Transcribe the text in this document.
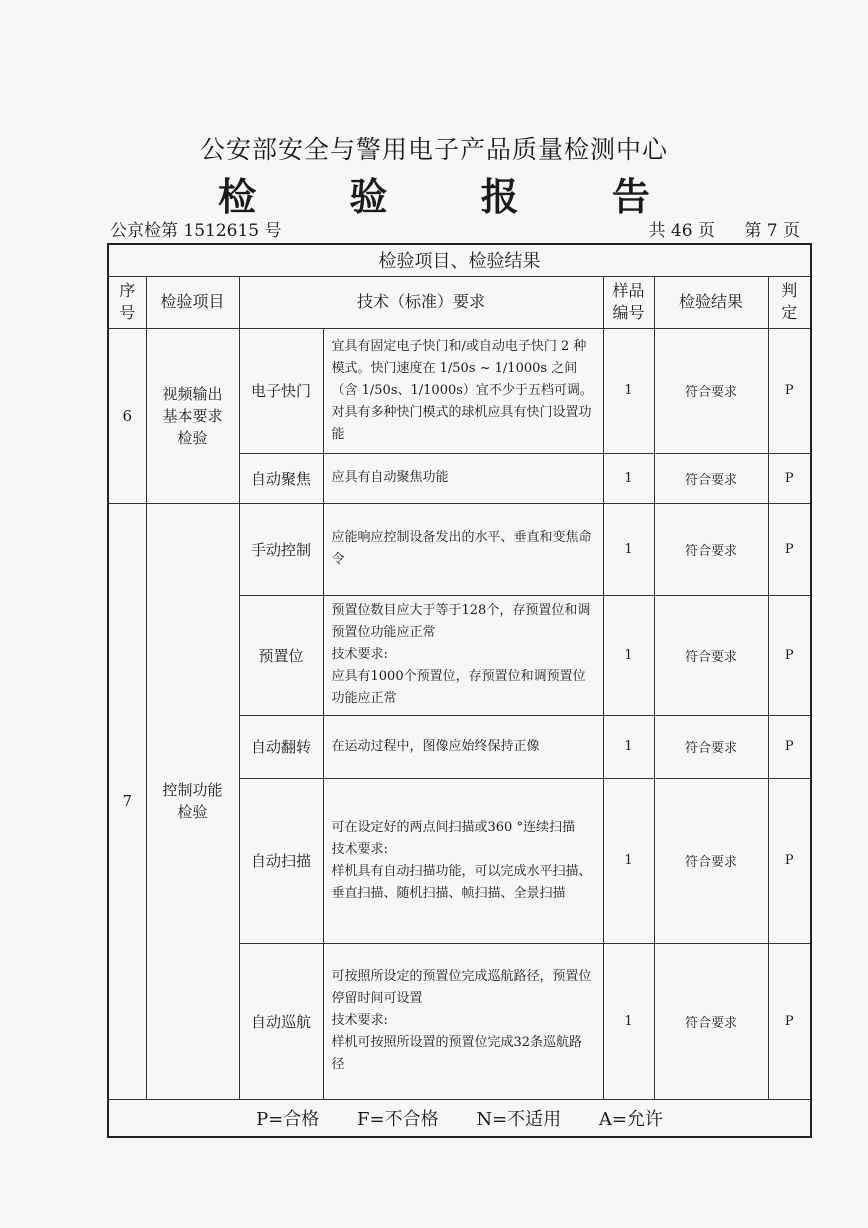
公安部安全与警用电子产品质量检测中心
检 验 报 告
公京检第 1512615 号	共 46 页 第 7 页
检验项目、检验结果						
序号	检验项目	技术（标准）要求		样品编号	检验结果	判定
6	视频输出基本要求检验	电子快门	宜具有固定电子快门和/或自动电子快门 2 种模式。快门速度在 1/50s ~ 1/1000s 之间（含 1/50s、1/1000s）宜不少于五档可调。对具有多种快门模式的球机应具有快门设置功能	1	符合要求	P
		自动聚焦	应具有自动聚焦功能	1	符合要求	P
7	控制功能检验	手动控制	应能响应控制设备发出的水平、垂直和变焦命令	1	符合要求	P
		预置位	预置位数目应大于等于128个，存预置位和调预置位功能应正常
技术要求:
应具有1000个预置位，存预置位和调预置位功能应正常	1	符合要求	P
		自动翻转	在运动过程中，图像应始终保持正像	1	符合要求	P
		自动扫描	可在设定好的两点间扫描或360 °连续扫描
技术要求:
样机具有自动扫描功能，可以完成水平扫描、垂直扫描、随机扫描、帧扫描、全景扫描	1	符合要求	P
		自动巡航	可按照所设定的预置位完成巡航路径，预置位停留时间可设置
技术要求:
样机可按照所设置的预置位完成32条巡航路径	1	符合要求	P
P=合格 F=不合格 N=不适用 A=允许						
